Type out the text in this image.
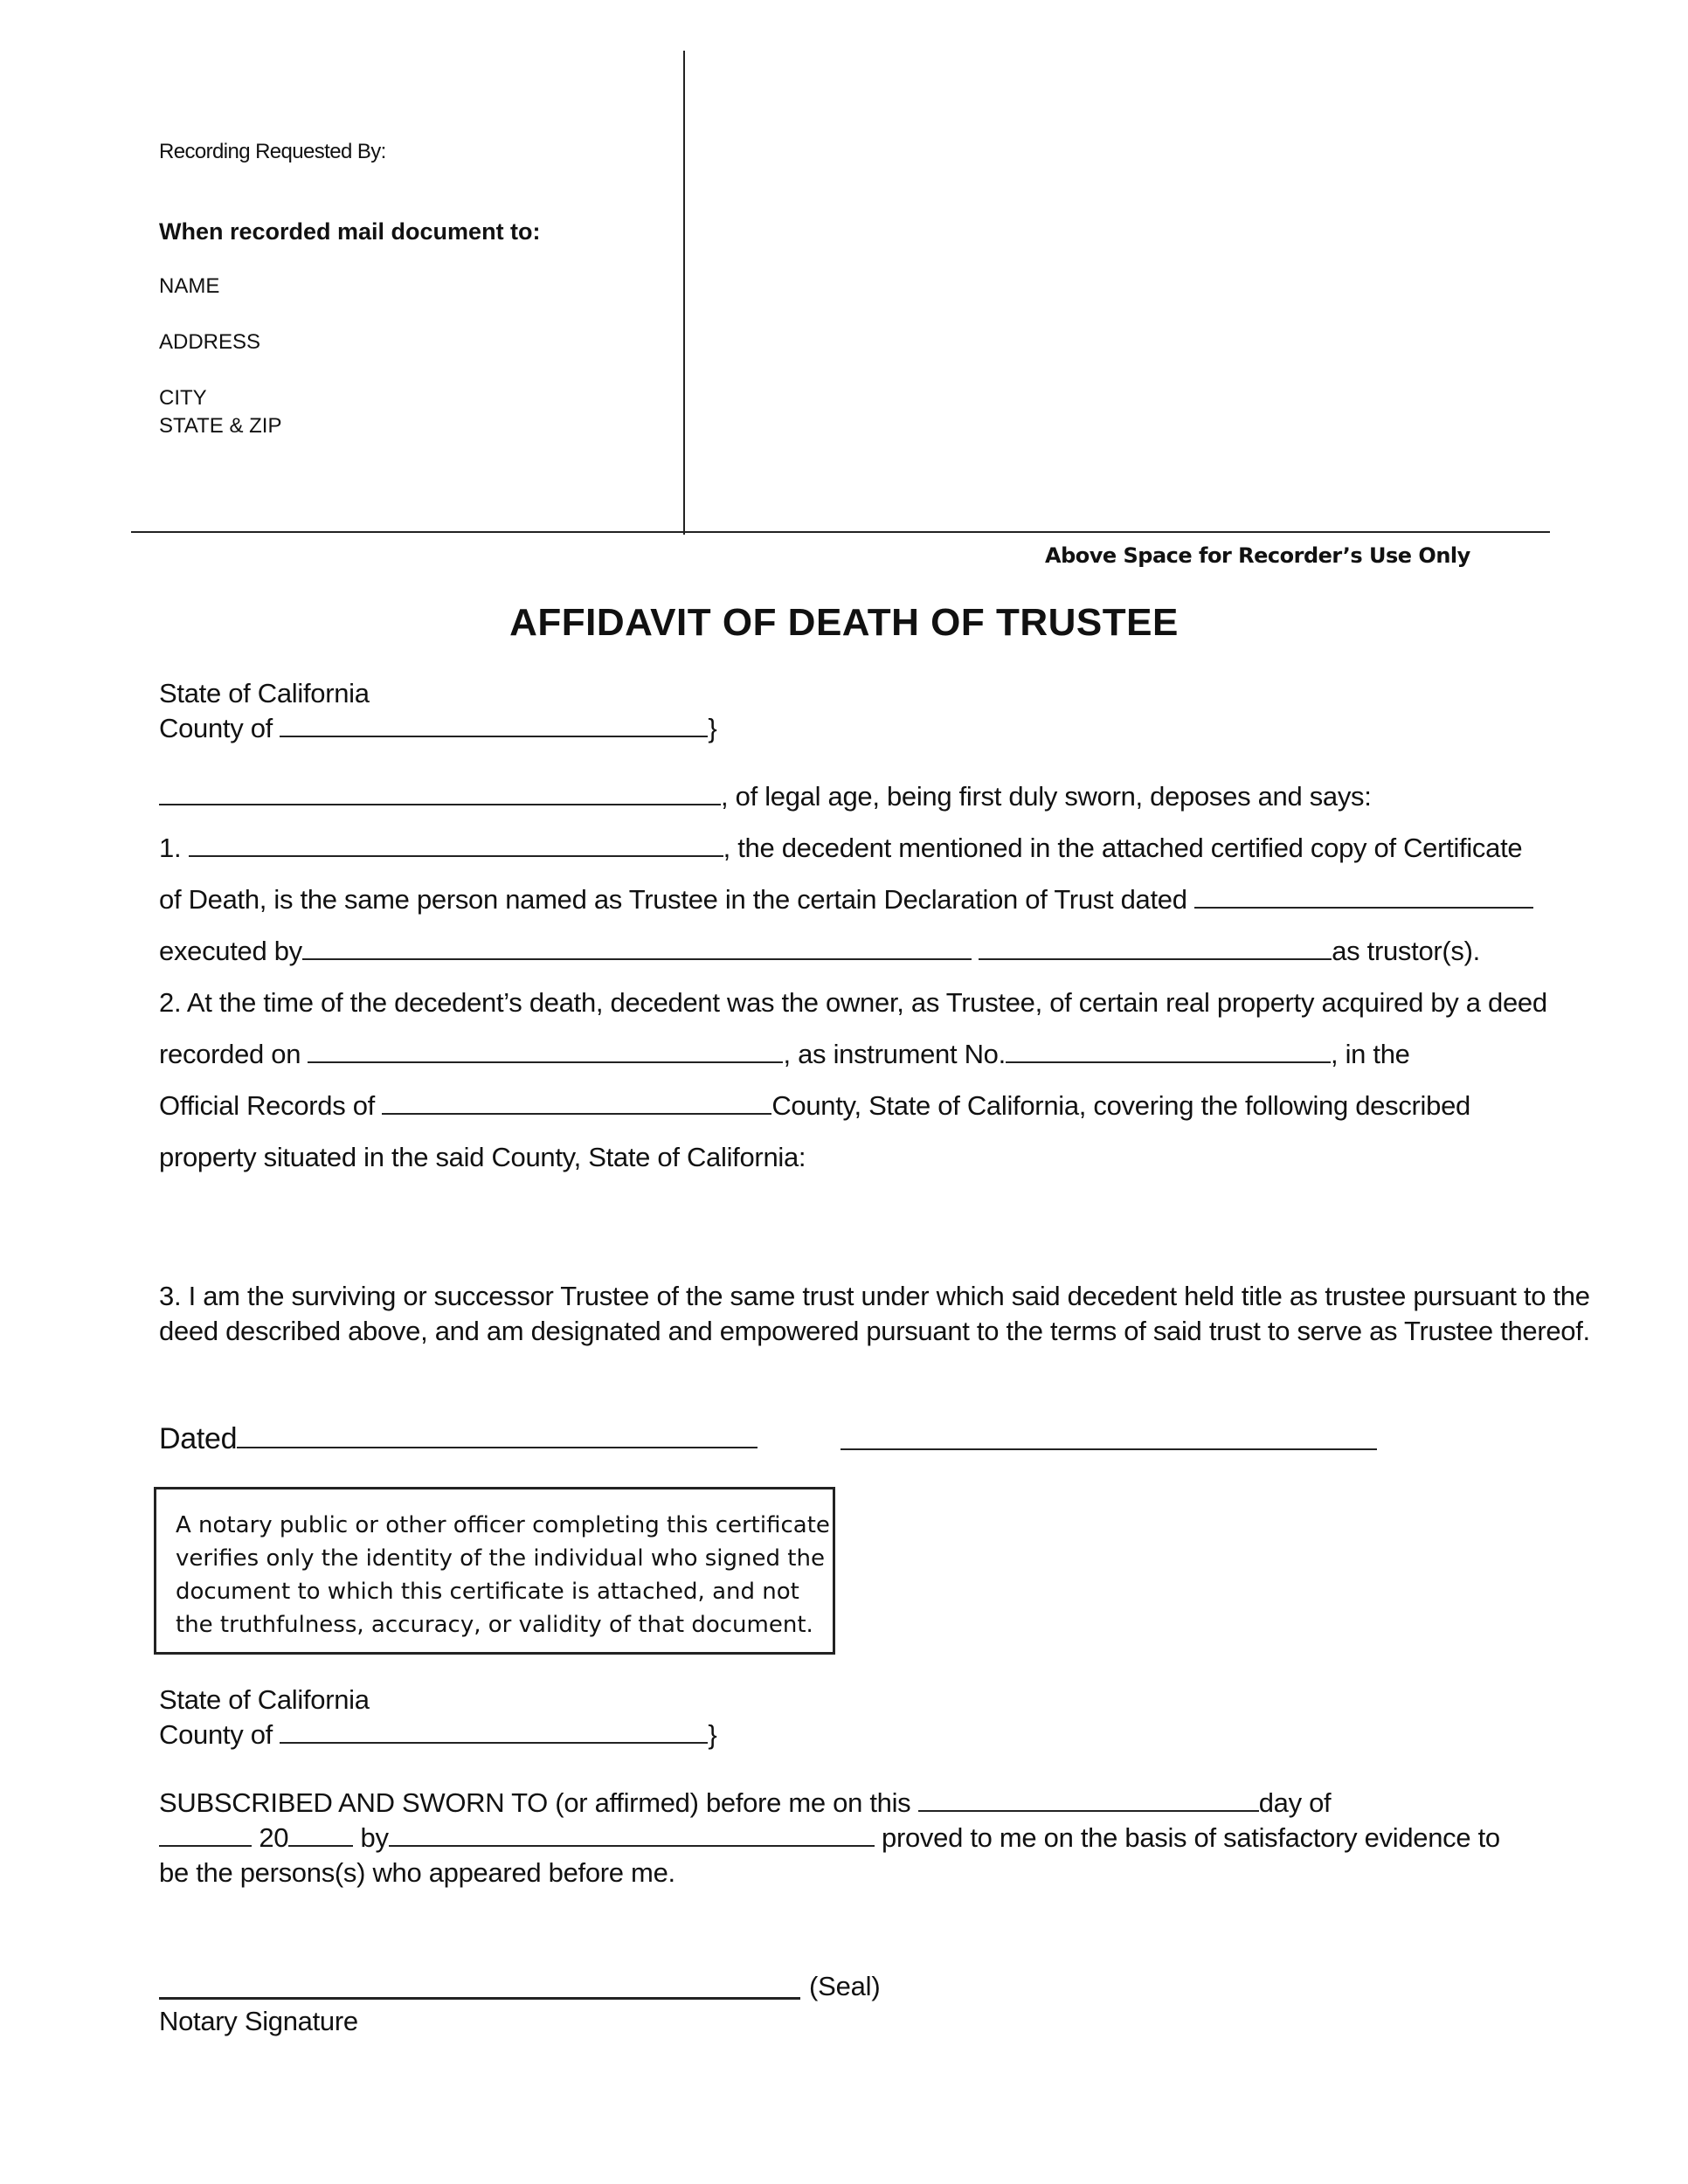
Recording Requested By:
When recorded mail document to:
NAME
ADDRESS
CITY
STATE & ZIP
Above Space for Recorder’s Use Only
AFFIDAVIT OF DEATH OF TRUSTEE
State of California
County of	}
, of legal age, being first duly sworn, deposes and says:
1.	, the decedent mentioned in the attached certified copy of Certificate
of Death, is the same person named as Trustee in the certain Declaration of Trust dated
executed by	as trustor(s).
2. At the time of the decedent’s death, decedent was the owner, as Trustee, of certain real property acquired by a deed
recorded on	, as instrument No.	, in the
Official Records of	County, State of California, covering the following described
property situated in the said County, State of California:
3. I am the surviving or successor Trustee of the same trust under which said decedent held title as trustee pursuant to the
deed described above, and am designated and empowered pursuant to the terms of said trust to serve as Trustee thereof.
Dated
A notary public or other officer completing this certificate
verifies only the identity of the individual who signed the
document to which this certificate is attached, and not
the truthfulness, accuracy, or validity of that document.
State of California
County of	}
SUBSCRIBED AND SWORN TO (or affirmed) before me on this	day of
20	by	proved to me on the basis of satisfactory evidence to
be the persons(s) who appeared before me.
(Seal)
Notary Signature
